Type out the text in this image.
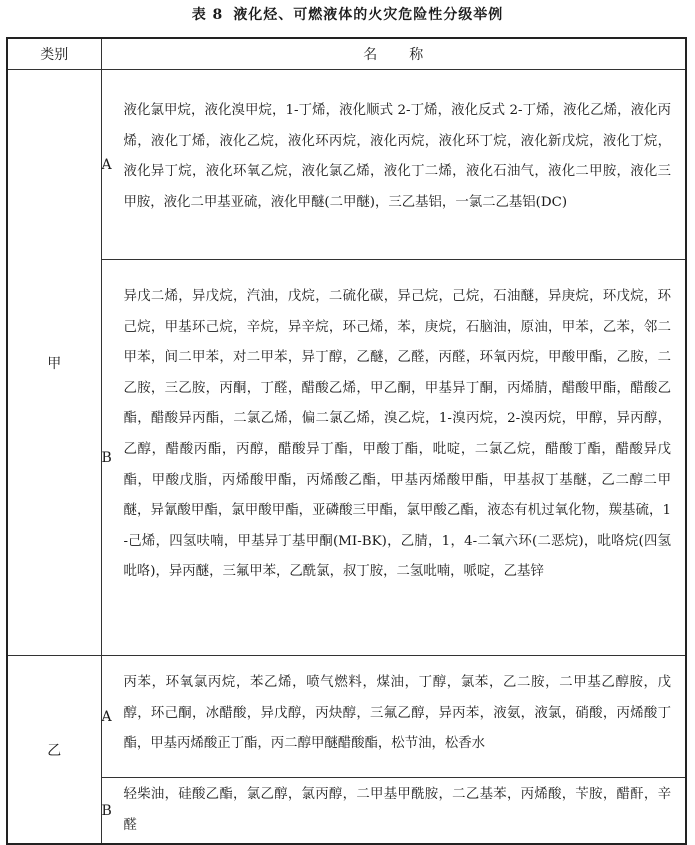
表 8 液化烃、可燃液体的火灾危险性分级举例
类别	名 称
甲	A	液化氯甲烷，液化溴甲烷，1-丁烯，液化顺式 2-丁烯，液化反式 2-丁烯，液化乙烯，液化丙烯，液化丁烯，液化乙烷，液化环丙烷，液化丙烷，液化环丁烷，液化新戊烷，液化丁烷，液化异丁烷，液化环氧乙烷，液化氯乙烯，液化丁二烯，液化石油气，液化二甲胺，液化三甲胺，液化二甲基亚硫，液化甲醚(二甲醚)，三乙基铝，一氯二乙基铝(DC)
	B	异戊二烯，异戊烷，汽油，戊烷，二硫化碳，异己烷，己烷，石油醚，异庚烷，环戊烷，环己烷，甲基环己烷，辛烷，异辛烷，环己烯，苯，庚烷，石脑油，原油，甲苯，乙苯，邻二甲苯，间二甲苯，对二甲苯，异丁醇，乙醚，乙醛，丙醛，环氧丙烷，甲酸甲酯，乙胺，二乙胺，三乙胺，丙酮，丁醛，醋酸乙烯，甲乙酮，甲基异丁酮，丙烯腈，醋酸甲酯，醋酸乙酯，醋酸异丙酯，二氯乙烯，偏二氯乙烯，溴乙烷，1-溴丙烷，2-溴丙烷，甲醇，异丙醇，乙醇，醋酸丙酯，丙醇，醋酸异丁酯，甲酸丁酯，吡啶，二氯乙烷，醋酸丁酯，醋酸异戊酯，甲酸戊脂，丙烯酸甲酯，丙烯酸乙酯，甲基丙烯酸甲酯，甲基叔丁基醚，乙二醇二甲醚，异氰酸甲酯，氯甲酸甲酯，亚磷酸三甲酯，氯甲酸乙酯，液态有机过氧化物，羰基硫，1-己烯，四氢呋喃，甲基异丁基甲酮(MI-BK)，乙腈，1，4-二氧六环(二恶烷)，吡咯烷(四氢吡咯)，异丙醚，三氟甲苯，乙酰氯，叔丁胺，二氢吡喃，哌啶，乙基锌
乙	A	丙苯，环氧氯丙烷，苯乙烯，喷气燃料，煤油，丁醇，氯苯，乙二胺，二甲基乙醇胺，戊醇，环己酮，冰醋酸，异戊醇，丙炔醇，三氟乙醇，异丙苯，液氨，液氯，硝酸，丙烯酸丁酯，甲基丙烯酸正丁酯，丙二醇甲醚醋酸酯，松节油，松香水
	B	轻柴油，硅酸乙酯，氯乙醇，氯丙醇，二甲基甲酰胺，二乙基苯，丙烯酸，苄胺，醋酐，辛醛
